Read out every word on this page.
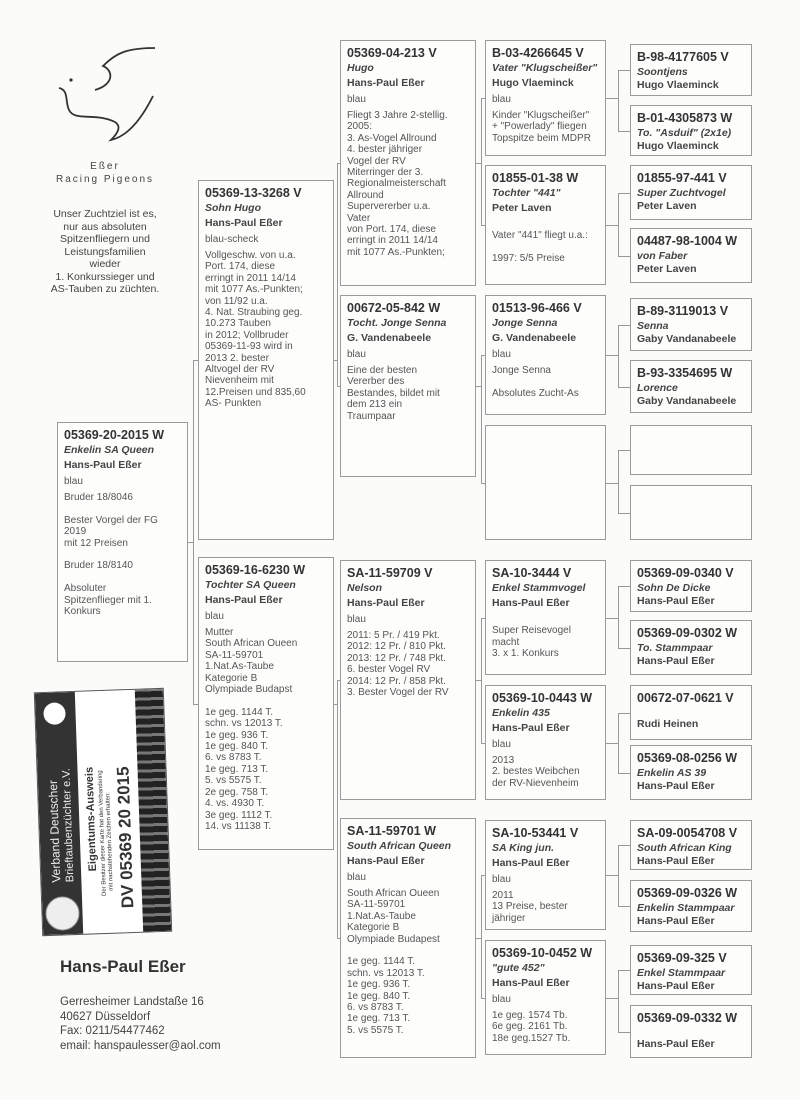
Eßer
Racing Pigeons
Unser Zuchtziel ist es,
nur aus absoluten
Spitzenfliegern und
Leistungsfamilien
wieder
1. Konkurssieger und
AS-Tauben zu züchten.
05369-20-2015 W
Enkelin SA Queen
Hans-Paul Eßer
blau
Bruder 18/8046

Bester Vorgel der FG
2019
mit 12 Preisen

Bruder 18/8140

Absoluter
Spitzenflieger mit 1.
Konkurs
05369-13-3268 V
Sohn Hugo
Hans-Paul Eßer
blau-scheck
Vollgeschw. von u.a.
Port. 174, diese
erringt in 2011 14/14
mit 1077 As.-Punkten;
von 11/92 u.a.
4. Nat. Straubing geg.
10.273 Tauben
in 2012; Vollbruder
05369-11-93 wird in
2013 2. bester
Altvogel der RV
Nievenheim mit
12.Preisen und 835,60
AS- Punkten
05369-16-6230 W
Tochter SA Queen
Hans-Paul Eßer
blau
Mutter
South African Oueen
SA-11-59701
1.Nat.As-Taube
Kategorie B
Olympiade Budapst

1e geg. 1144 T.
schn. vs 12013 T.
1e geg. 936 T.
1e geg. 840 T.
6. vs 8783 T.
1e geg. 713 T.
5. vs 5575 T.
2e geg. 758 T.
4. vs. 4930 T.
3e geg. 1112 T.
14. vs 11138 T.
05369-04-213 V
Hugo
Hans-Paul Eßer
blau
Fliegt 3 Jahre 2-stellig.
2005:
3. As-Vogel Allround
4. bester jähriger
Vogel der RV
Miterringer der 3.
Regionalmeisterschaft
Allround
Supervererber u.a.
Vater
von Port. 174, diese
erringt in 2011 14/14
mit 1077 As.-Punkten;
00672-05-842 W
Tocht. Jonge Senna
G. Vandenabeele
blau
Eine der besten
Vererber des
Bestandes, bildet mit
dem 213 ein
Traumpaar
SA-11-59709 V
Nelson
Hans-Paul Eßer
blau
2011: 5 Pr. / 419 Pkt.
2012: 12 Pr. / 810 Pkt.
2013: 12 Pr. / 748 Pkt.
6. bester Vogel RV
2014: 12 Pr. / 858 Pkt.
3. Bester Vogel der RV
SA-11-59701 W
South African Queen
Hans-Paul Eßer
blau
South African Oueen
SA-11-59701
1.Nat.As-Taube
Kategorie B
Olympiade Budapest

1e geg. 1144 T.
schn. vs 12013 T.
1e geg. 936 T.
1e geg. 840 T.
6. vs 8783 T.
1e geg. 713 T.
5. vs 5575 T.
B-03-4266645 V
Vater "Klugscheißer"
Hugo Vlaeminck
blau
Kinder "Klugscheißer"
+ "Powerlady" fliegen
Topspitze beim MDPR
01855-01-38 W
Tochter "441"
Peter Laven

Vater "441" fliegt u.a.:

1997: 5/5 Preise
01513-96-466 V
Jonge Senna
G. Vandenabeele
blau
Jonge Senna

Absolutes Zucht-As
SA-10-3444 V
Enkel Stammvogel
Hans-Paul Eßer

Super Reisevogel
macht
3. x 1. Konkurs
05369-10-0443 W
Enkelin 435
Hans-Paul Eßer
blau
2013
2. bestes Weibchen
der RV-Nievenheim
SA-10-53441 V
SA King jun.
Hans-Paul Eßer
blau
2011
13 Preise, bester
jähriger
05369-10-0452 W
"gute 452"
Hans-Paul Eßer
blau
1e geg. 1574 Tb.
6e geg. 2161 Tb.
18e geg.1527 Tb.
B-98-4177605 V
Soontjens
Hugo Vlaeminck
B-01-4305873 W
To. "Asduif" (2x1e)
Hugo Vlaeminck
01855-97-441 V
Super Zuchtvogel
Peter Laven
04487-98-1004 W
von Faber
Peter Laven
B-89-3119013 V
Senna
Gaby Vandanabeele
B-93-3354695 W
Lorence
Gaby Vandanabeele
05369-09-0340 V
Sohn De Dicke
Hans-Paul Eßer
05369-09-0302 W
To. Stammpaar
Hans-Paul Eßer
00672-07-0621 V
Rudi Heinen
05369-08-0256 W
Enkelin AS 39
Hans-Paul Eßer
SA-09-0054708 V
South African King
Hans-Paul Eßer
05369-09-0326 W
Enkelin Stammpaar
Hans-Paul Eßer
05369-09-325 V
Enkel Stammpaar
Hans-Paul Eßer
05369-09-0332 W
Hans-Paul Eßer
Verband Deutscher
Brieftaubenzüchter e.V. Eigentums-Ausweis
Der Besitzer dieser Karte hat den Verbandsring
mit nachstehenden Zeichen erhalten:
DV 05369 20 2015
Hans-Paul Eßer
Gerresheimer Landstaße 16
40627 Düsseldorf
Fax: 0211/54477462
email: hanspaulesser@aol.com
